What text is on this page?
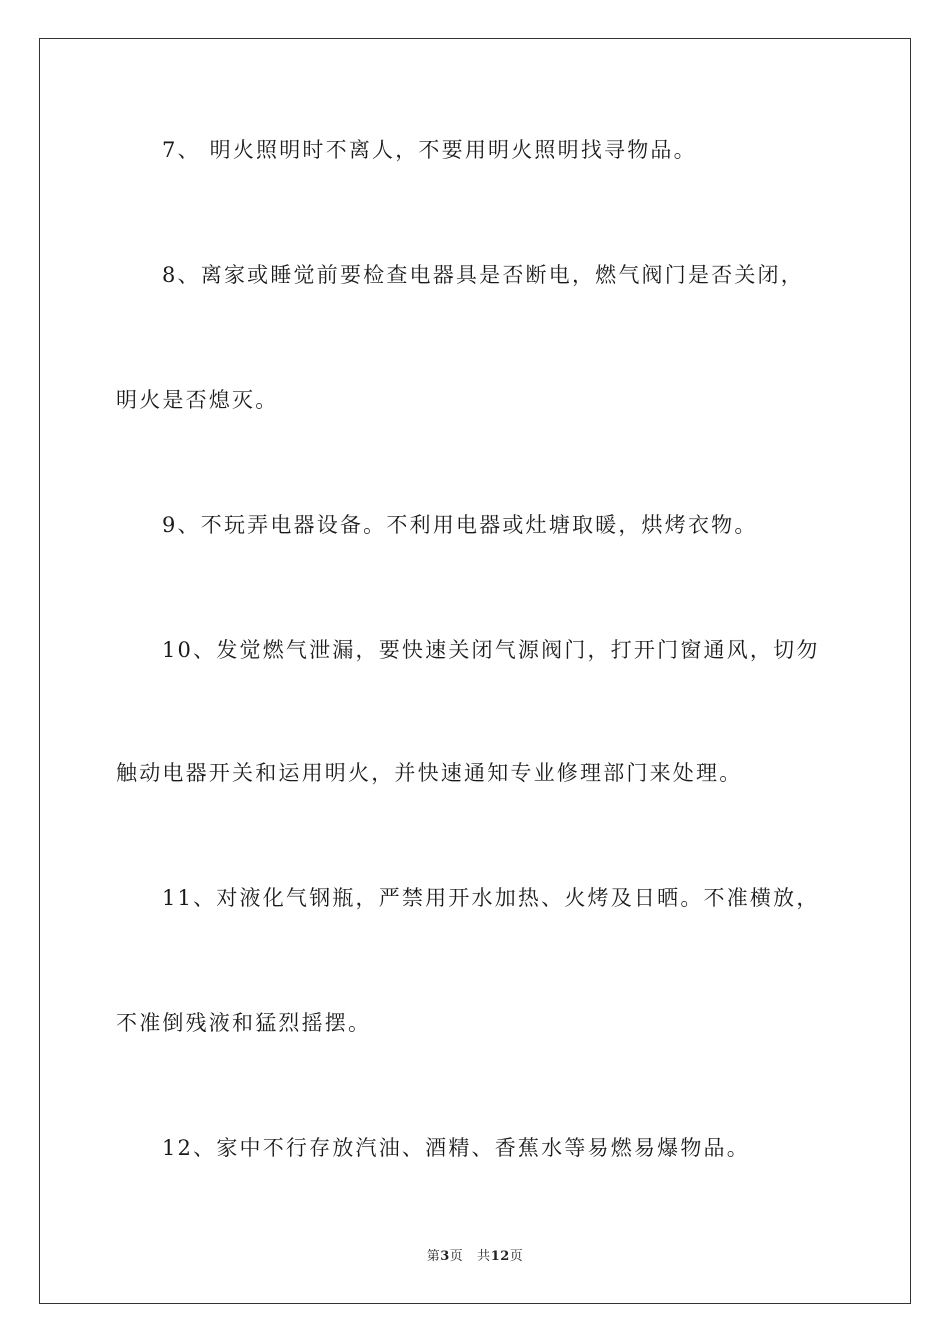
7、 明火照明时不离人，不要用明火照明找寻物品。
8、离家或睡觉前要检查电器具是否断电，燃气阀门是否关闭，
明火是否熄灭。
9、不玩弄电器设备。不利用电器或灶塘取暖，烘烤衣物。
10、发觉燃气泄漏，要快速关闭气源阀门，打开门窗通风，切勿
触动电器开关和运用明火，并快速通知专业修理部门来处理。
11、对液化气钢瓶，严禁用开水加热、火烤及日晒。不准横放，
不准倒残液和猛烈摇摆。
12、家中不行存放汽油、酒精、香蕉水等易燃易爆物品。
第3页 共12页
